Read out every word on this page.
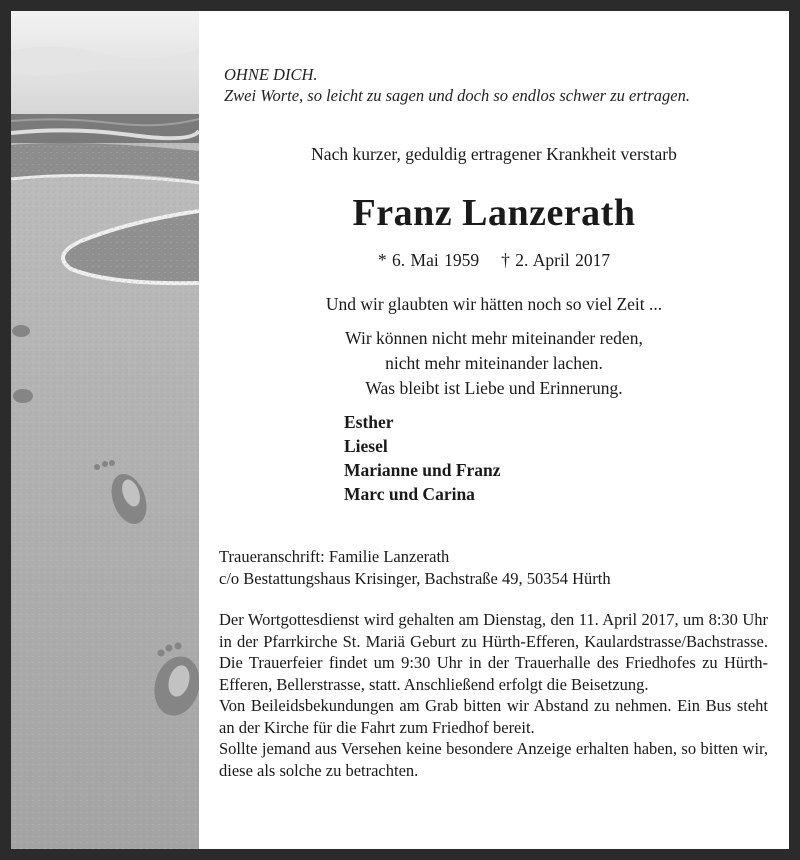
OHNE DICH.
Zwei Worte, so leicht zu sagen und doch so endlos schwer zu ertragen.
Nach kurzer, geduldig ertragener Krankheit verstarb
Franz Lanzerath
* 6. Mai 1959 † 2. April 2017
Und wir glaubten wir hätten noch so viel Zeit ...
Wir können nicht mehr miteinander reden,
nicht mehr miteinander lachen.
Was bleibt ist Liebe und Erinnerung.
Esther
Liesel
Marianne und Franz
Marc und Carina
Traueranschrift: Familie Lanzerath
c/o Bestattungshaus Krisinger, Bachstraße 49, 50354 Hürth

Der Wortgottesdienst wird gehalten am Dienstag, den 11. April 2017, um 8:30 Uhr in der Pfarrkirche St. Mariä Geburt zu Hürth-Efferen, Kaulardstrasse/Bachstrasse. Die Trauerfeier findet um 9:30 Uhr in der Trauerhalle des Friedhofes zu Hürth-Efferen, Bellerstrasse, statt. Anschließend erfolgt die Beisetzung.

Von Beileidsbekundungen am Grab bitten wir Abstand zu nehmen. Ein Bus steht an der Kirche für die Fahrt zum Friedhof bereit.

Sollte jemand aus Versehen keine besondere Anzeige erhalten haben, so bitten wir, diese als solche zu betrachten.
